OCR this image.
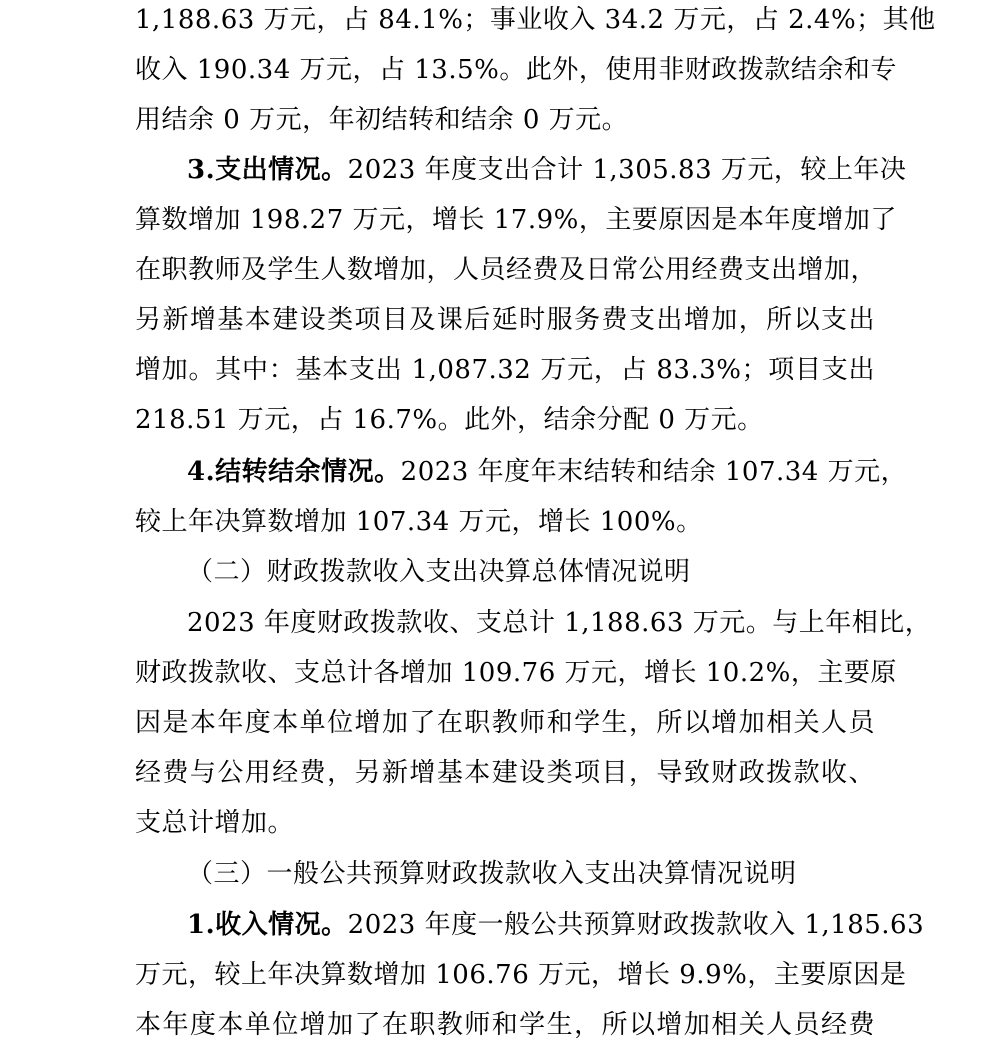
1,188.63 万元，占 84.1%；事业收入 34.2 万元，占 2.4%；其他
收入 190.34 万元，占 13.5%。此外，使用非财政拨款结余和专
用结余 0 万元，年初结转和结余 0 万元。
3.支出情况。2023 年度支出合计 1,305.83 万元，较上年决
算数增加 198.27 万元，增长 17.9%，主要原因是本年度增加了
在职教师及学生人数增加，人员经费及日常公用经费支出增加，
另新增基本建设类项目及课后延时服务费支出增加，所以支出
增加。其中：基本支出 1,087.32 万元，占 83.3%；项目支出
218.51 万元，占 16.7%。此外，结余分配 0 万元。
4.结转结余情况。2023 年度年末结转和结余 107.34 万元，
较上年决算数增加 107.34 万元，增长 100%。
（二）财政拨款收入支出决算总体情况说明
2023 年度财政拨款收、支总计 1,188.63 万元。与上年相比，
财政拨款收、支总计各增加 109.76 万元，增长 10.2%，主要原
因是本年度本单位增加了在职教师和学生，所以增加相关人员
经费与公用经费，另新增基本建设类项目，导致财政拨款收、
支总计增加。
（三）一般公共预算财政拨款收入支出决算情况说明
1.收入情况。2023 年度一般公共预算财政拨款收入 1,185.63
万元，较上年决算数增加 106.76 万元，增长 9.9%，主要原因是
本年度本单位增加了在职教师和学生，所以增加相关人员经费
